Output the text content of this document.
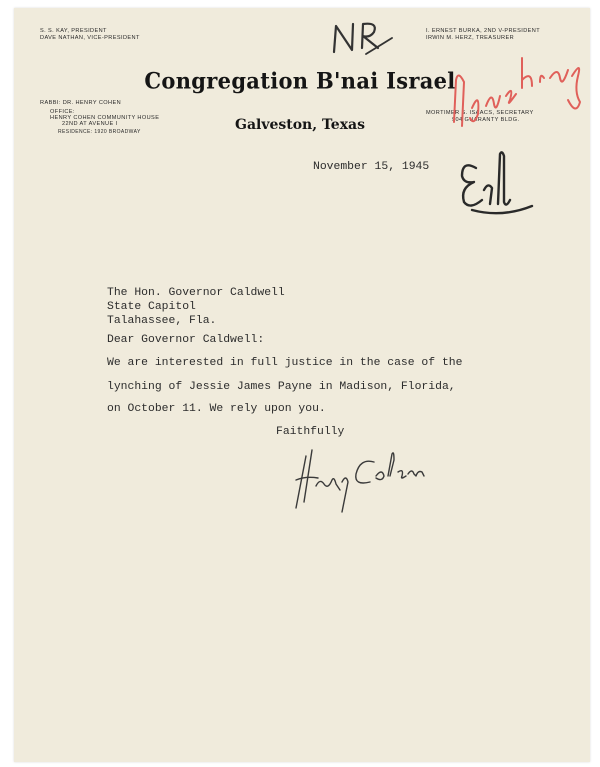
S. S. KAY, PRESIDENT
DAVE NATHAN, VICE-PRESIDENT
RABBI: DR. HENRY COHEN
OFFICE:
HENRY COHEN COMMUNITY HOUSE
22ND AT AVENUE I
RESIDENCE: 1920 BROADWAY
I. ERNEST BURKA, 2ND V-PRESIDENT
IRWIN M. HERZ, TREASURER
MORTIMER S. ISAACS, SECRETARY
904 GUARANTY BLDG.
Congregation B'nai Israel
Galveston, Texas
November 15, 1945
The Hon. Governor Caldwell
State Capitol
Talahassee, Fla.
Dear Governor Caldwell:
We are interested in full justice in the case of the
lynching of Jessie James Payne in Madison, Florida,
on October 11. We rely upon you.
Faithfully
